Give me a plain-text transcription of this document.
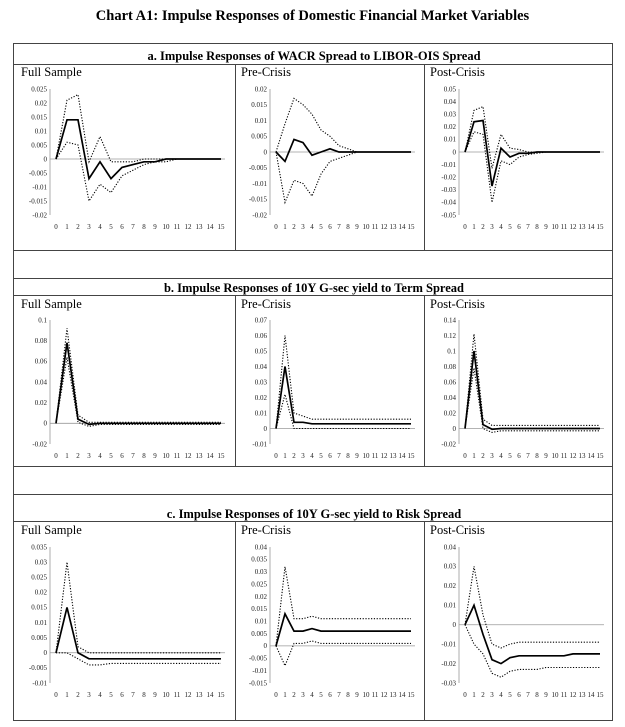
Chart A1: Impulse Responses of Domestic Financial Market Variables
a. Impulse Responses of WACR Spread to LIBOR-OIS Spread
Full Sample	Pre-Crisis	Post-Crisis
b. Impulse Responses of 10Y G-sec yield to Term Spread
Full Sample	Pre-Crisis	Post-Crisis
c. Impulse Responses of 10Y G-sec yield to Risk Spread
Full Sample	Pre-Crisis	Post-Crisis
0.025
0.02
0.015
0.01
0.005
0
-0.005
-0.01
-0.015
-0.02
0 1 2 3 4 5 6 7 8 9 10 11 12 13 14 15
0.02
0.015
0.01
0.005
0
-0.005
-0.01
-0.015
-0.02
0 1 2 3 4 5 6 7 8 9 10 11 12 13 14 15
0.05
0.04
0.03
0.02
0.01
0
-0.01
-0.02
-0.03
-0.04
-0.05
0 1 2 3 4 5 6 7 8 9 10 11 12 13 14 15
0.1
0.08
0.06
0.04
0.02
0
-0.02
0 1 2 3 4 5 6 7 8 9 10 11 12 13 14 15
0.07
0.06
0.05
0.04
0.03
0.02
0.01
0
-0.01
0 1 2 3 4 5 6 7 8 9 10 11 12 13 14 15
0.14
0.12
0.1
0.08
0.06
0.04
0.02
0
-0.02
0 1 2 3 4 5 6 7 8 9 10 11 12 13 14 15
0.035
0.03
0.025
0.02
0.015
0.01
0.005
0
-0.005
-0.01
0 1 2 3 4 5 6 7 8 9 10 11 12 13 14 15
0.04
0.035
0.03
0.025
0.02
0.015
0.01
0.005
0
-0.005
-0.01
-0.015
0 1 2 3 4 5 6 7 8 9 10 11 12 13 14 15
0.04
0.03
0.02
0.01
0
-0.01
-0.02
-0.03
0 1 2 3 4 5 6 7 8 9 10 11 12 13 14 15
